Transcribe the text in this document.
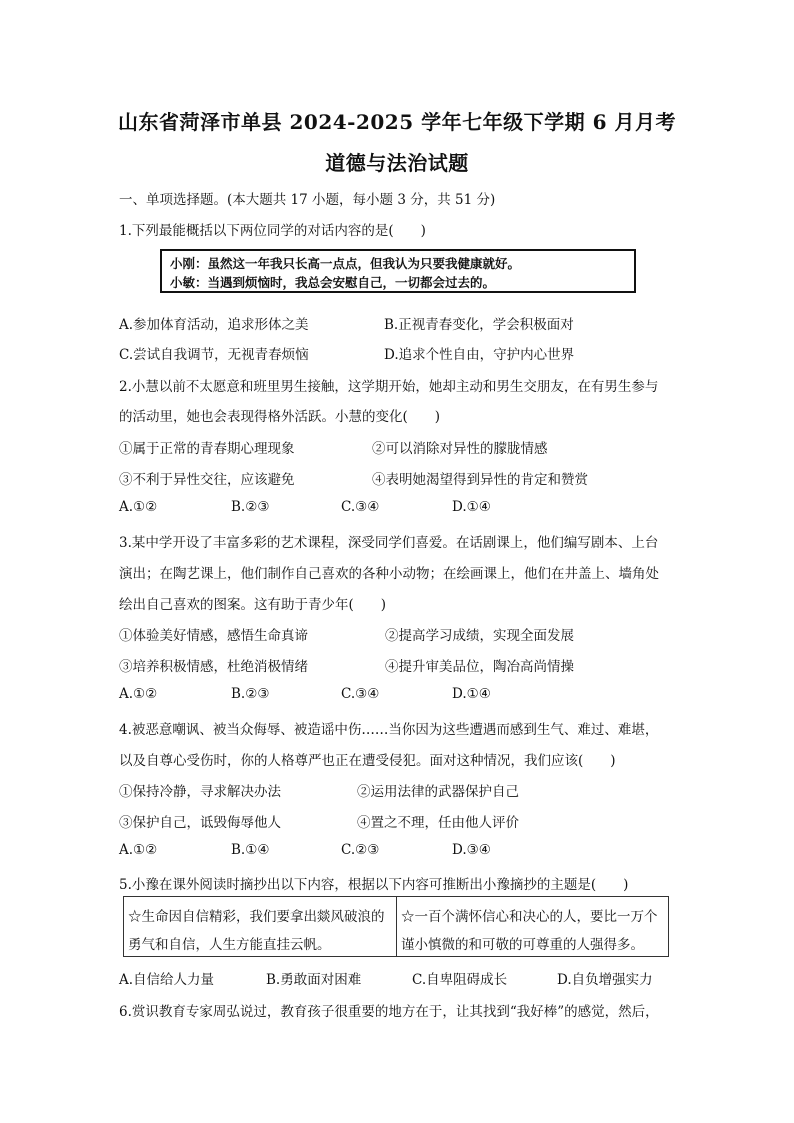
山东省菏泽市单县 2024-2025 学年七年级下学期 6 月月考
道德与法治试题
一、单项选择题。(本大题共 17 小题，每小题 3 分，共 51 分)
1.下列最能概括以下两位同学的对话内容的是(　　)
小刚：虽然这一年我只长高一点点，但我认为只要我健康就好。
小敏：当遇到烦恼时，我总会安慰自己，一切都会过去的。
A.参加体育活动，追求形体之美	B.正视青春变化，学会积极面对
C.尝试自我调节，无视青春烦恼	D.追求个性自由，守护内心世界
2.小慧以前不太愿意和班里男生接触，这学期开始，她却主动和男生交朋友，在有男生参与
的活动里，她也会表现得格外活跃。小慧的变化(　　)
①属于正常的青春期心理现象	②可以消除对异性的朦胧情感
③不利于异性交往，应该避免	④表明她渴望得到异性的肯定和赞赏
A.①②	B.②③	C.③④	D.①④
3.某中学开设了丰富多彩的艺术课程，深受同学们喜爱。在话剧课上，他们编写剧本、上台
演出；在陶艺课上，他们制作自己喜欢的各种小动物；在绘画课上，他们在井盖上、墙角处
绘出自己喜欢的图案。这有助于青少年(　　)
①体验美好情感，感悟生命真谛	②提高学习成绩，实现全面发展
③培养积极情感，杜绝消极情绪	④提升审美品位，陶冶高尚情操
A.①②	B.②③	C.③④	D.①④
4.被恶意嘲讽、被当众侮辱、被造谣中伤……当你因为这些遭遇而感到生气、难过、难堪，
以及自尊心受伤时，你的人格尊严也正在遭受侵犯。面对这种情况，我们应该(　　)
①保持冷静，寻求解决办法	②运用法律的武器保护自己
③保护自己，诋毁侮辱他人	④置之不理，任由他人评价
A.①②	B.①④	C.②③	D.③④
5.小豫在课外阅读时摘抄出以下内容，根据以下内容可推断出小豫摘抄的主题是(　　)
☆生命因自信精彩，我们要拿出燚风破浪的
勇气和自信，人生方能直挂云帆。
☆一百个满怀信心和决心的人，要比一万个
谨小慎微的和可敬的可尊重的人强得多。
A.自信给人力量	B.勇敢面对困难	C.自卑阻碍成长	D.自负增强实力
6.赏识教育专家周弘说过，教育孩子很重要的地方在于，让其找到“我好棒”的感觉，然后，
